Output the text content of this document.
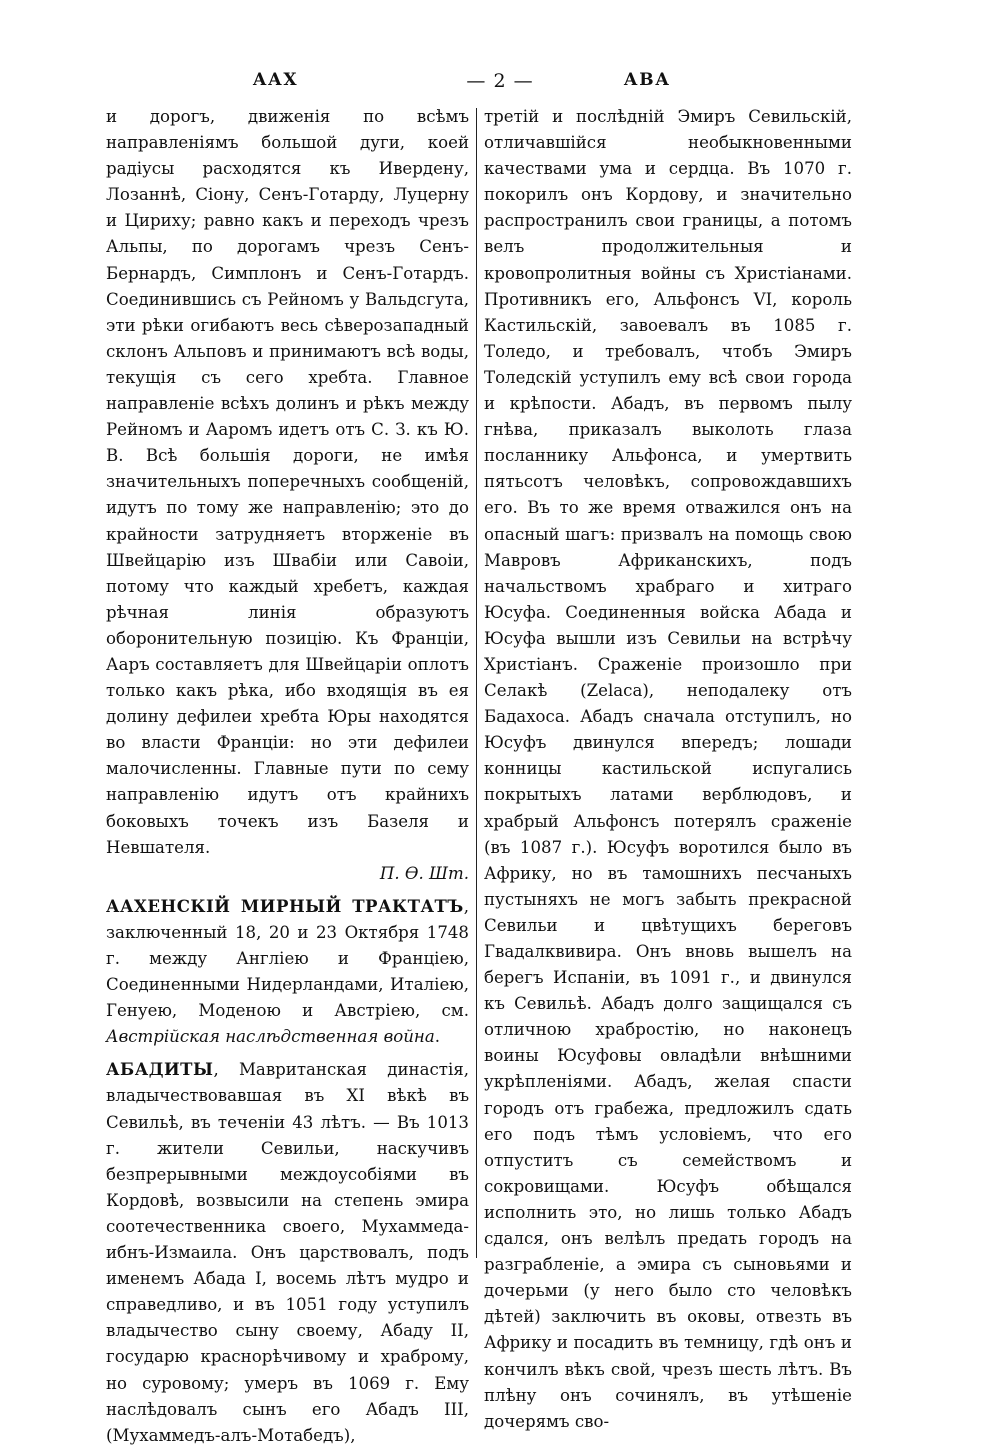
AAX	— 2 —	ABA

и дорогъ, движенія по всѣмъ направленіямъ большой дуги, коей радіусы расходятся къ Ивердену, Лозаннѣ, Сіону, Сенъ-Готарду, Луцерну и Цириху; равно какъ и переходъ чрезъ Альпы, по дорогамъ чрезъ Сенъ-Бернардъ, Симплонъ и Сенъ-Готардъ. Соединившись съ Рейномъ у Вальдсгута, эти рѣки огибаютъ весь сѣверозападный склонъ Альповъ и принимаютъ всѣ воды, текущія съ сего хребта. Главное направленіе всѣхъ долинъ и рѣкъ между Рейномъ и Ааромъ идетъ отъ С. З. къ Ю. В. Всѣ большія дороги, не имѣя значительныхъ поперечныхъ сообщеній, идутъ по тому же направленію; это до крайности затрудняетъ вторженіе въ Швейцарію изъ Швабіи или Савоіи, потому что каждый хребетъ, каждая рѣчная линія образуютъ оборонительную позицію. Къ Франціи, Ааръ составляетъ для Швейцаріи оплотъ только какъ рѣка, ибо входящія въ ея долину дефилеи хребта Юры находятся во власти Франціи: но эти дефилеи малочисленны. Главные пути по сему направленію идутъ отъ крайнихъ боковыхъ точекъ изъ Базеля и Невшателя.

П. Ѳ. Шт.

ААХЕНСКІЙ МИРНЫЙ ТРАКТАТЪ, заключенный 18, 20 и 23 Октября 1748 г. между Англіею и Франціею, Соединенными Нидерландами, Италіею, Генуею, Моденою и Австріею, см. Австрійская наслѣдственная война.

АБАДИТЫ, Мавританская династія, владычествовавшая въ XI вѣкѣ въ Севильѣ, въ теченіи 43 лѣтъ. — Въ 1013 г. жители Севильи, наскучивъ безпрерывными междоусобіями въ Кордовѣ, возвысили на степень эмира соотечественника своего, Мухаммеда-ибнъ-Измаила. Онъ царствовалъ, подъ именемъ Абада I, восемь лѣтъ мудро и справедливо, и въ 1051 году уступилъ владычество сыну своему, Абаду II, государю краснорѣчивому и храброму, но суровому; умеръ въ 1069 г. Ему наслѣдовалъ сынъ его Абадъ III, (Мухаммедъ-алъ-Мотабедъ),

третій и послѣдній Эмиръ Севильскій, отличавшійся необыкновенными качествами ума и сердца. Въ 1070 г. покорилъ онъ Кордову, и значительно распространилъ свои границы, а потомъ велъ продолжительныя и кровопролитныя войны съ Христіанами. Противникъ его, Альфонсъ VI, король Кастильскій, завоевалъ въ 1085 г. Толедо, и требовалъ, чтобъ Эмиръ Толедскій уступилъ ему всѣ свои города и крѣпости. Абадъ, въ первомъ пылу гнѣва, приказалъ выколоть глаза посланнику Альфонса, и умертвить пятьсотъ человѣкъ, сопровождавшихъ его. Въ то же время отважился онъ на опасный шагъ: призвалъ на помощь свою Мавровъ Африканскихъ, подъ начальствомъ храбраго и хитраго Юсуфа. Соединенныя войска Абада и Юсуфа вышли изъ Севильи на встрѣчу Христіанъ. Сраженіе произошло при Селакѣ (Zelaca), неподалеку отъ Бадахоса. Абадъ сначала отступилъ, но Юсуфъ двинулся впередъ; лошади конницы кастильской испугались покрытыхъ латами верблюдовъ, и храбрый Альфонсъ потерялъ сраженіе (въ 1087 г.). Юсуфъ воротился было въ Африку, но въ тамошнихъ песчаныхъ пустыняхъ не могъ забыть прекрасной Севильи и цвѣтущихъ береговъ Гвадалквивира. Онъ вновь вышелъ на берегъ Испаніи, въ 1091 г., и двинулся къ Севильѣ. Абадъ долго защищался съ отличною храбростію, но наконецъ воины Юсуфовы овладѣли внѣшними укрѣпленіями. Абадъ, желая спасти городъ отъ грабежа, предложилъ сдать его подъ тѣмъ условіемъ, что его отпуститъ съ семействомъ и сокровищами. Юсуфъ обѣщался исполнить это, но лишь только Абадъ сдался, онъ велѣлъ предать городъ на разграбленіе, а эмира съ сыновьями и дочерьми (у него было сто человѣкъ дѣтей) заключить въ оковы, отвезть въ Африку и посадить въ темницу, гдѣ онъ и кончилъ вѣкъ свой, чрезъ шесть лѣтъ. Въ плѣну онъ сочинялъ, въ утѣшеніе дочерямъ сво-
